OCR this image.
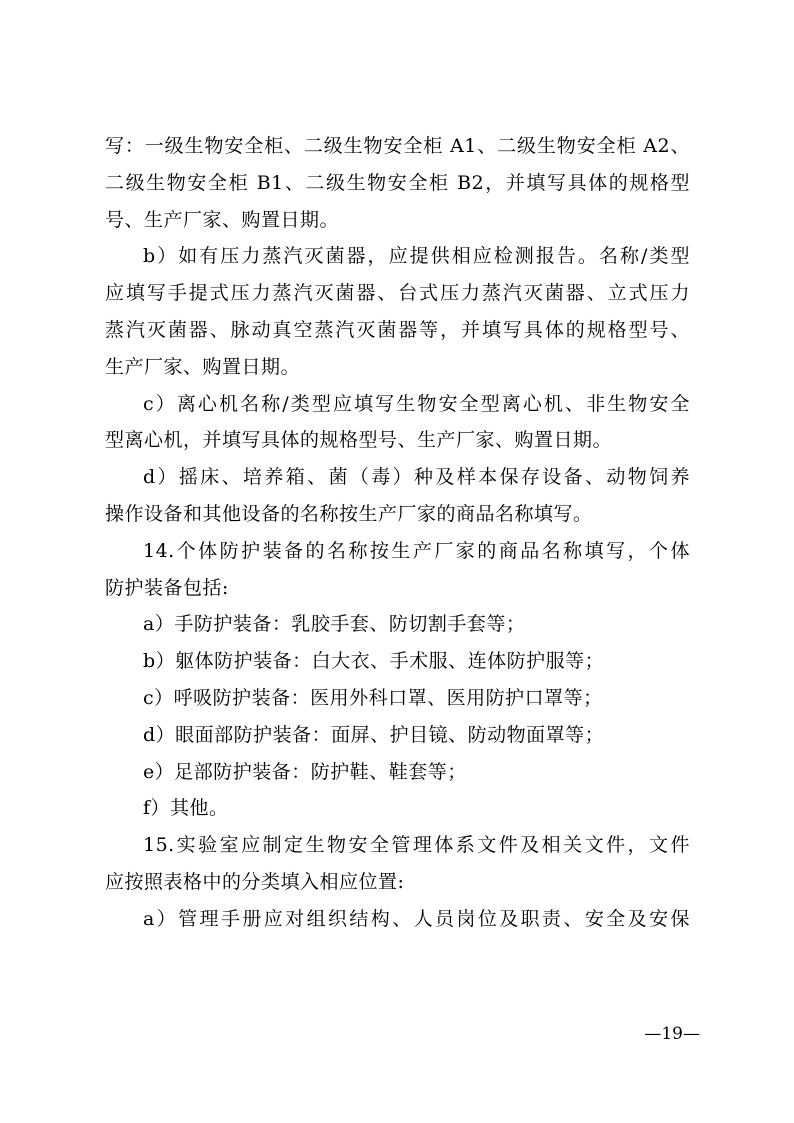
写：一级生物安全柜、二级生物安全柜 A1、二级生物安全柜 A2、
二级生物安全柜 B1、二级生物安全柜 B2，并填写具体的规格型
号、生产厂家、购置日期。
b）如有压力蒸汽灭菌器，应提供相应检测报告。名称/类型
应填写手提式压力蒸汽灭菌器、台式压力蒸汽灭菌器、立式压力
蒸汽灭菌器、脉动真空蒸汽灭菌器等，并填写具体的规格型号、
生产厂家、购置日期。
c）离心机名称/类型应填写生物安全型离心机、非生物安全
型离心机，并填写具体的规格型号、生产厂家、购置日期。
d）摇床、培养箱、菌（毒）种及样本保存设备、动物饲养
操作设备和其他设备的名称按生产厂家的商品名称填写。
14.个体防护装备的名称按生产厂家的商品名称填写，个体
防护装备包括:
a）手防护装备：乳胶手套、防切割手套等；
b）躯体防护装备：白大衣、手术服、连体防护服等；
c）呼吸防护装备：医用外科口罩、医用防护口罩等；
d）眼面部防护装备：面屏、护目镜、防动物面罩等；
e）足部防护装备：防护鞋、鞋套等；
f）其他。
15.实验室应制定生物安全管理体系文件及相关文件，文件
应按照表格中的分类填入相应位置:
a）管理手册应对组织结构、人员岗位及职责、安全及安保
—19—
